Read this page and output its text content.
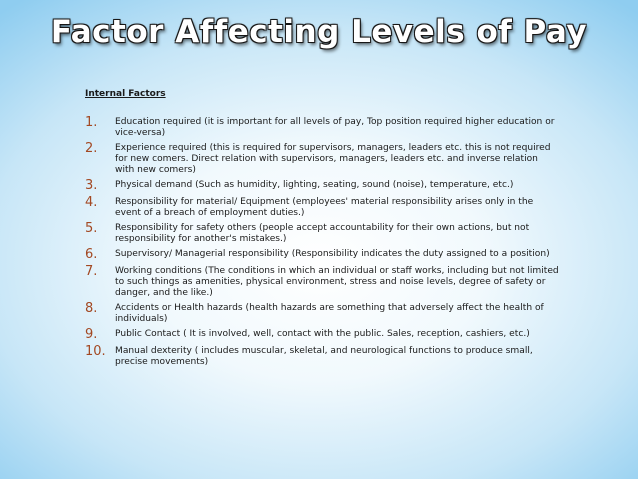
Factor Affecting Levels of Pay

Internal Factors

1.	Education required (it is important for all levels of pay, Top position required higher education or vice-versa)
2.	Experience required (this is required for supervisors, managers, leaders etc. this is not required for new comers. Direct relation with supervisors, managers, leaders etc. and inverse relation with new comers)
3.	Physical demand (Such as humidity, lighting, seating, sound (noise), temperature, etc.)
4.	Responsibility for material/ Equipment (employees' material responsibility arises only in the event of a breach of employment duties.)
5.	Responsibility for safety others (people accept accountability for their own actions, but not responsibility for another's mistakes.)
6.	Supervisory/ Managerial responsibility (Responsibility indicates the duty assigned to a position)
7.	Working conditions (The conditions in which an individual or staff works, including but not limited to such things as amenities, physical environment, stress and noise levels, degree of safety or danger, and the like.)
8.	Accidents or Health hazards (health hazards are something that adversely affect the health of individuals)
9.	Public Contact ( It is involved, well, contact with the public. Sales, reception, cashiers, etc.)
10.	Manual dexterity ( includes muscular, skeletal, and neurological functions to produce small, precise movements)
